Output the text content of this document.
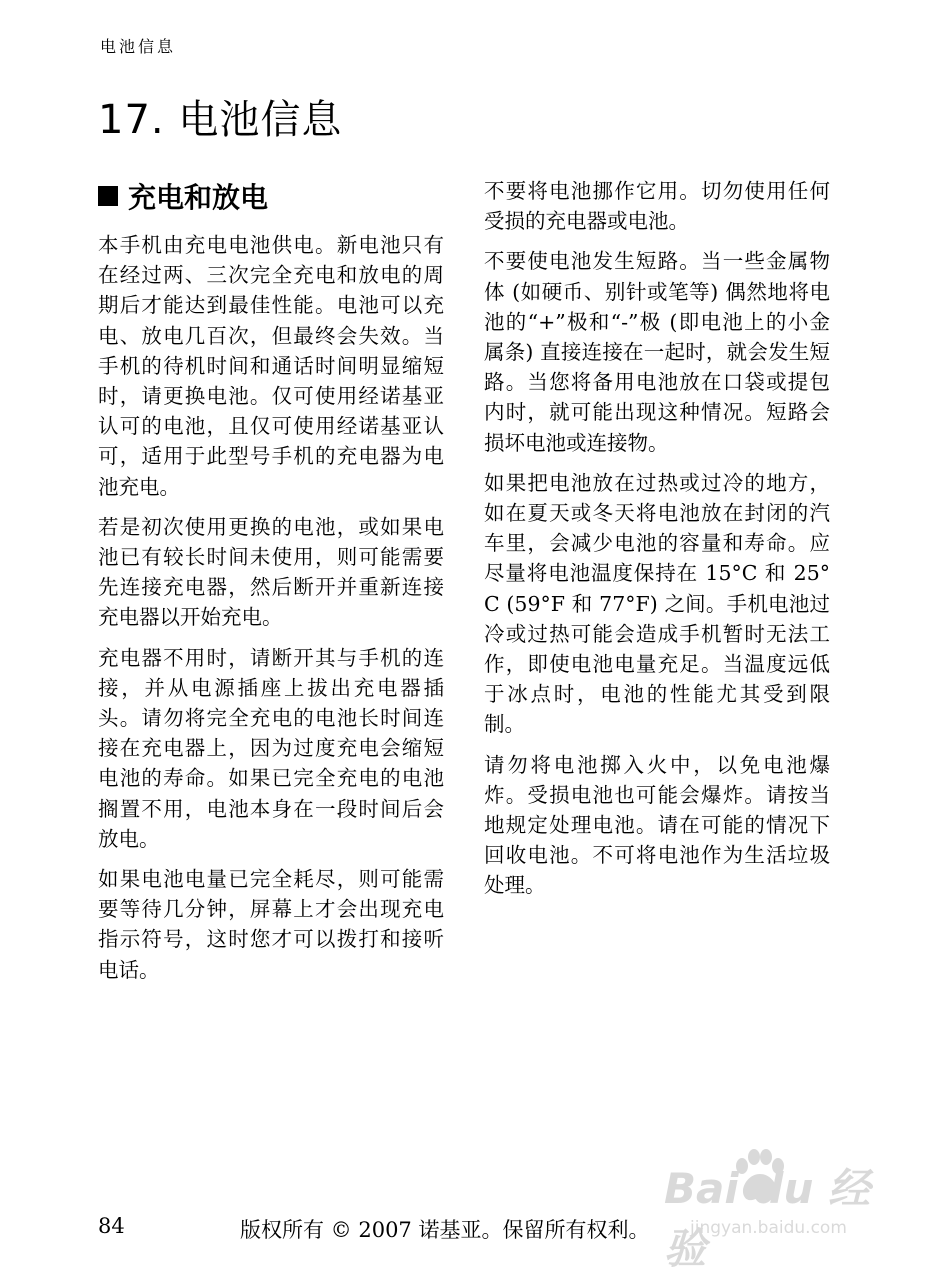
电池信息
17. 电池信息
充电和放电

本手机由充电电池供电。新电池只有在经过两、三次完全充电和放电的周期后才能达到最佳性能。电池可以充电、放电几百次，但最终会失效。当手机的待机时间和通话时间明显缩短时，请更换电池。仅可使用经诺基亚认可的电池，且仅可使用经诺基亚认可，适用于此型号手机的充电器为电池充电。

若是初次使用更换的电池，或如果电池已有较长时间未使用，则可能需要先连接充电器，然后断开并重新连接充电器以开始充电。

充电器不用时，请断开其与手机的连接，并从电源插座上拔出充电器插头。请勿将完全充电的电池长时间连接在充电器上，因为过度充电会缩短电池的寿命。如果已完全充电的电池搁置不用，电池本身在一段时间后会放电。

如果电池电量已完全耗尽，则可能需要等待几分钟，屏幕上才会出现充电指示符号，这时您才可以拨打和接听电话。

不要将电池挪作它用。切勿使用任何受损的充电器或电池。

不要使电池发生短路。当一些金属物体 (如硬币、别针或笔等) 偶然地将电池的“+”极和“-”极 (即电池上的小金属条) 直接连接在一起时，就会发生短路。当您将备用电池放在口袋或提包内时，就可能出现这种情况。短路会损坏电池或连接物。

如果把电池放在过热或过冷的地方，如在夏天或冬天将电池放在封闭的汽车里，会减少电池的容量和寿命。应尽量将电池温度保持在 15°C 和 25°C (59°F 和 77°F) 之间。手机电池过冷或过热可能会造成手机暂时无法工作，即使电池电量充足。当温度远低于冰点时，电池的性能尤其受到限制。

请勿将电池掷入火中，以免电池爆炸。受损电池也可能会爆炸。请按当地规定处理电池。请在可能的情况下回收电池。不可将电池作为生活垃圾处理。

Bai du 经验
jingyan.baidu.com
84	版权所有 © 2007 诺基亚。保留所有权利。
